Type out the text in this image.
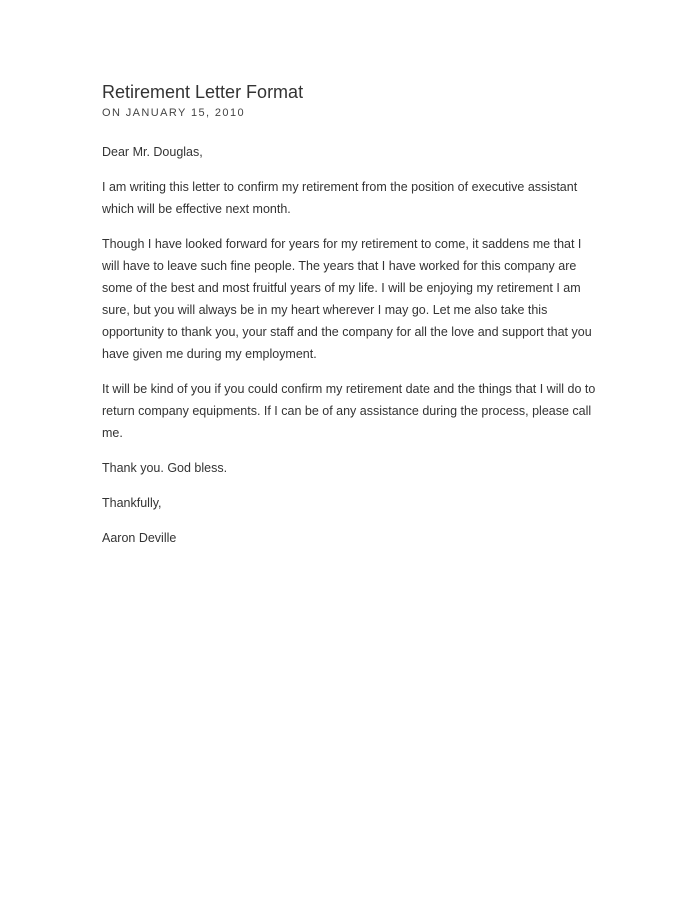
Retirement Letter Format
ON JANUARY 15, 2010

Dear Mr. Douglas,

I am writing this letter to confirm my retirement from the position of executive assistant which will be effective next month.

Though I have looked forward for years for my retirement to come, it saddens me that I will have to leave such fine people. The years that I have worked for this company are some of the best and most fruitful years of my life. I will be enjoying my retirement I am sure, but you will always be in my heart wherever I may go. Let me also take this opportunity to thank you, your staff and the company for all the love and support that you have given me during my employment.

It will be kind of you if you could confirm my retirement date and the things that I will do to return company equipments. If I can be of any assistance during the process, please call me.

Thank you. God bless.

Thankfully,

Aaron Deville
